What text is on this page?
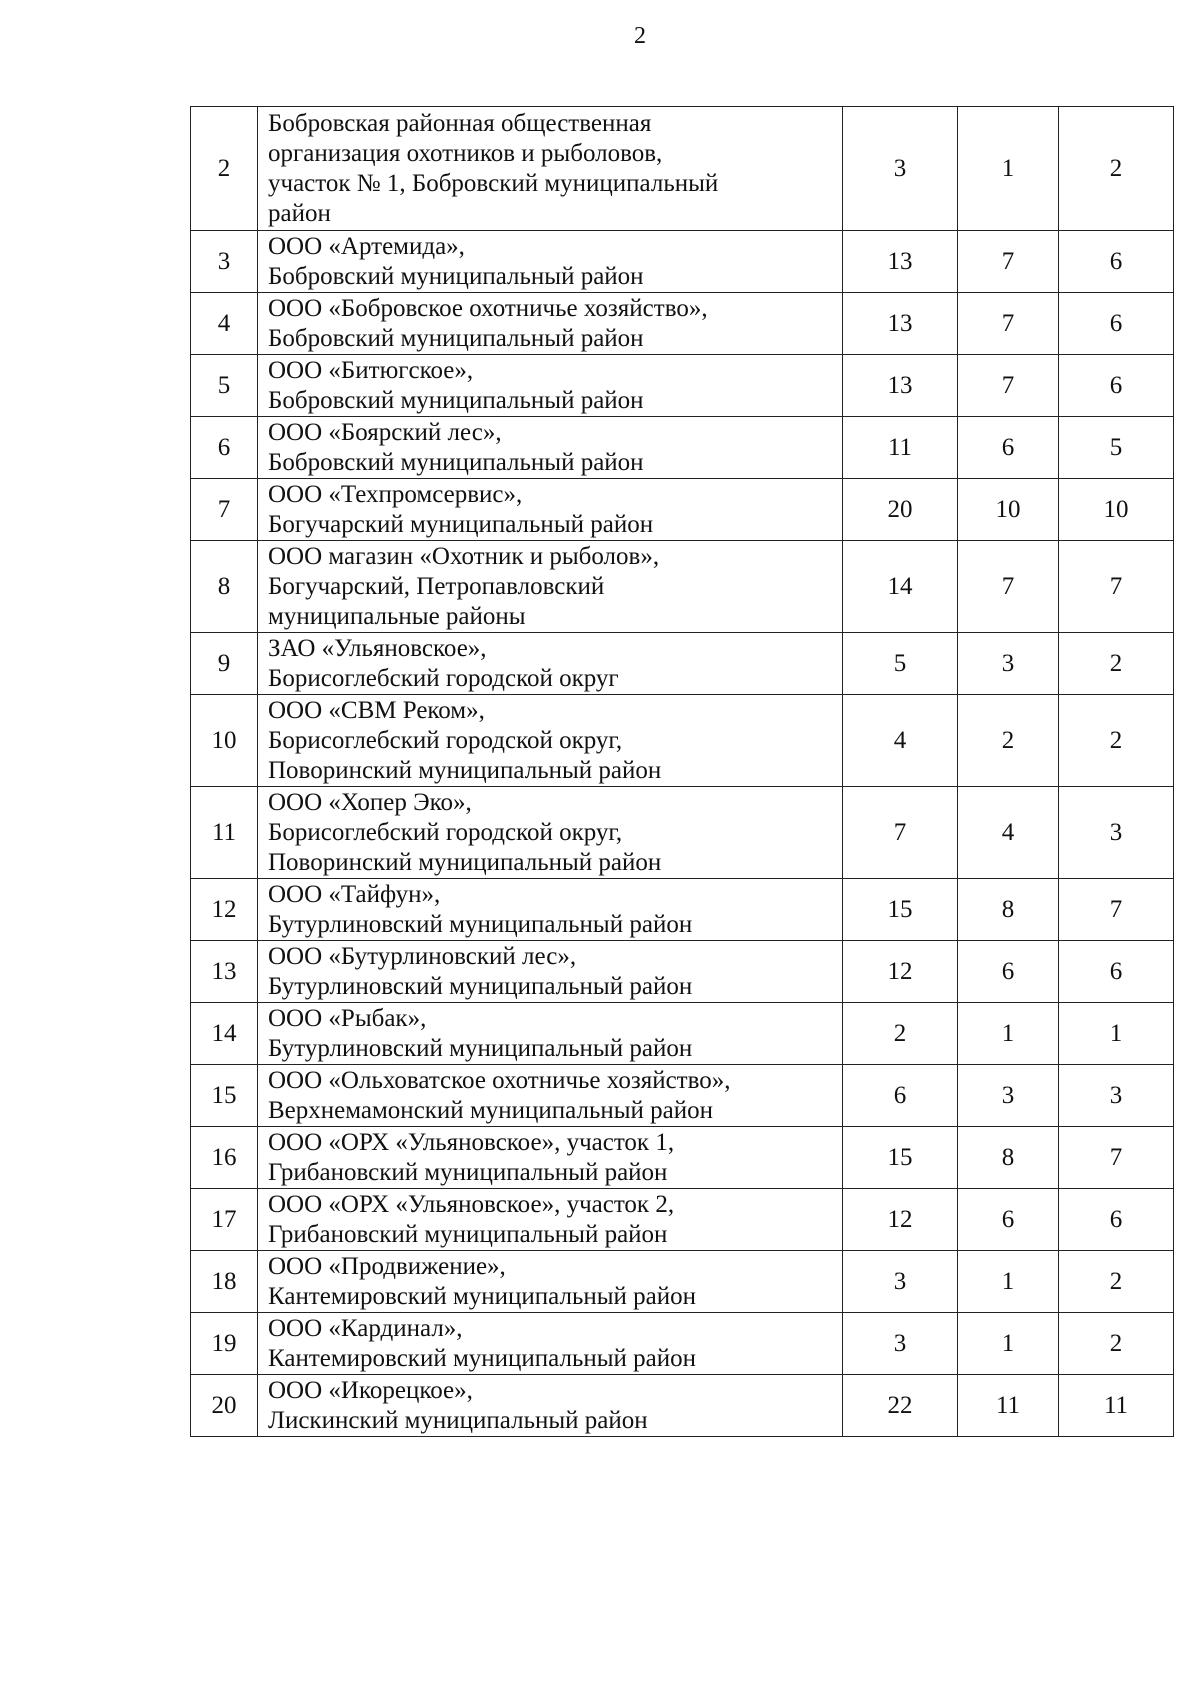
2
2	Бобровская районная общественная
организация охотников и рыболовов,
участок № 1, Бобровский муниципальный
район	3	1	2
3	ООО «Артемида»,
Бобровский муниципальный район	13	7	6
4	ООО «Бобровское охотничье хозяйство»,
Бобровский муниципальный район	13	7	6
5	ООО «Битюгское»,
Бобровский муниципальный район	13	7	6
6	ООО «Боярский лес»,
Бобровский муниципальный район	11	6	5
7	ООО «Техпромсервис»,
Богучарский муниципальный район	20	10	10
8	ООО магазин «Охотник и рыболов»,
Богучарский, Петропавловский
муниципальные районы	14	7	7
9	ЗАО «Ульяновское»,
Борисоглебский городской округ	5	3	2
10	ООО «СВМ Реком»,
Борисоглебский городской округ,
Поворинский муниципальный район	4	2	2
11	ООО «Хопер Эко»,
Борисоглебский городской округ,
Поворинский муниципальный район	7	4	3
12	ООО «Тайфун»,
Бутурлиновский муниципальный район	15	8	7
13	ООО «Бутурлиновский лес»,
Бутурлиновский муниципальный район	12	6	6
14	ООО «Рыбак»,
Бутурлиновский муниципальный район	2	1	1
15	ООО «Ольховатское охотничье хозяйство»,
Верхнемамонский муниципальный район	6	3	3
16	ООО «ОРХ «Ульяновское», участок 1,
Грибановский муниципальный район	15	8	7
17	ООО «ОРХ «Ульяновское», участок 2,
Грибановский муниципальный район	12	6	6
18	ООО «Продвижение»,
Кантемировский муниципальный район	3	1	2
19	ООО «Кардинал»,
Кантемировский муниципальный район	3	1	2
20	ООО «Икорецкое»,
Лискинский муниципальный район	22	11	11
